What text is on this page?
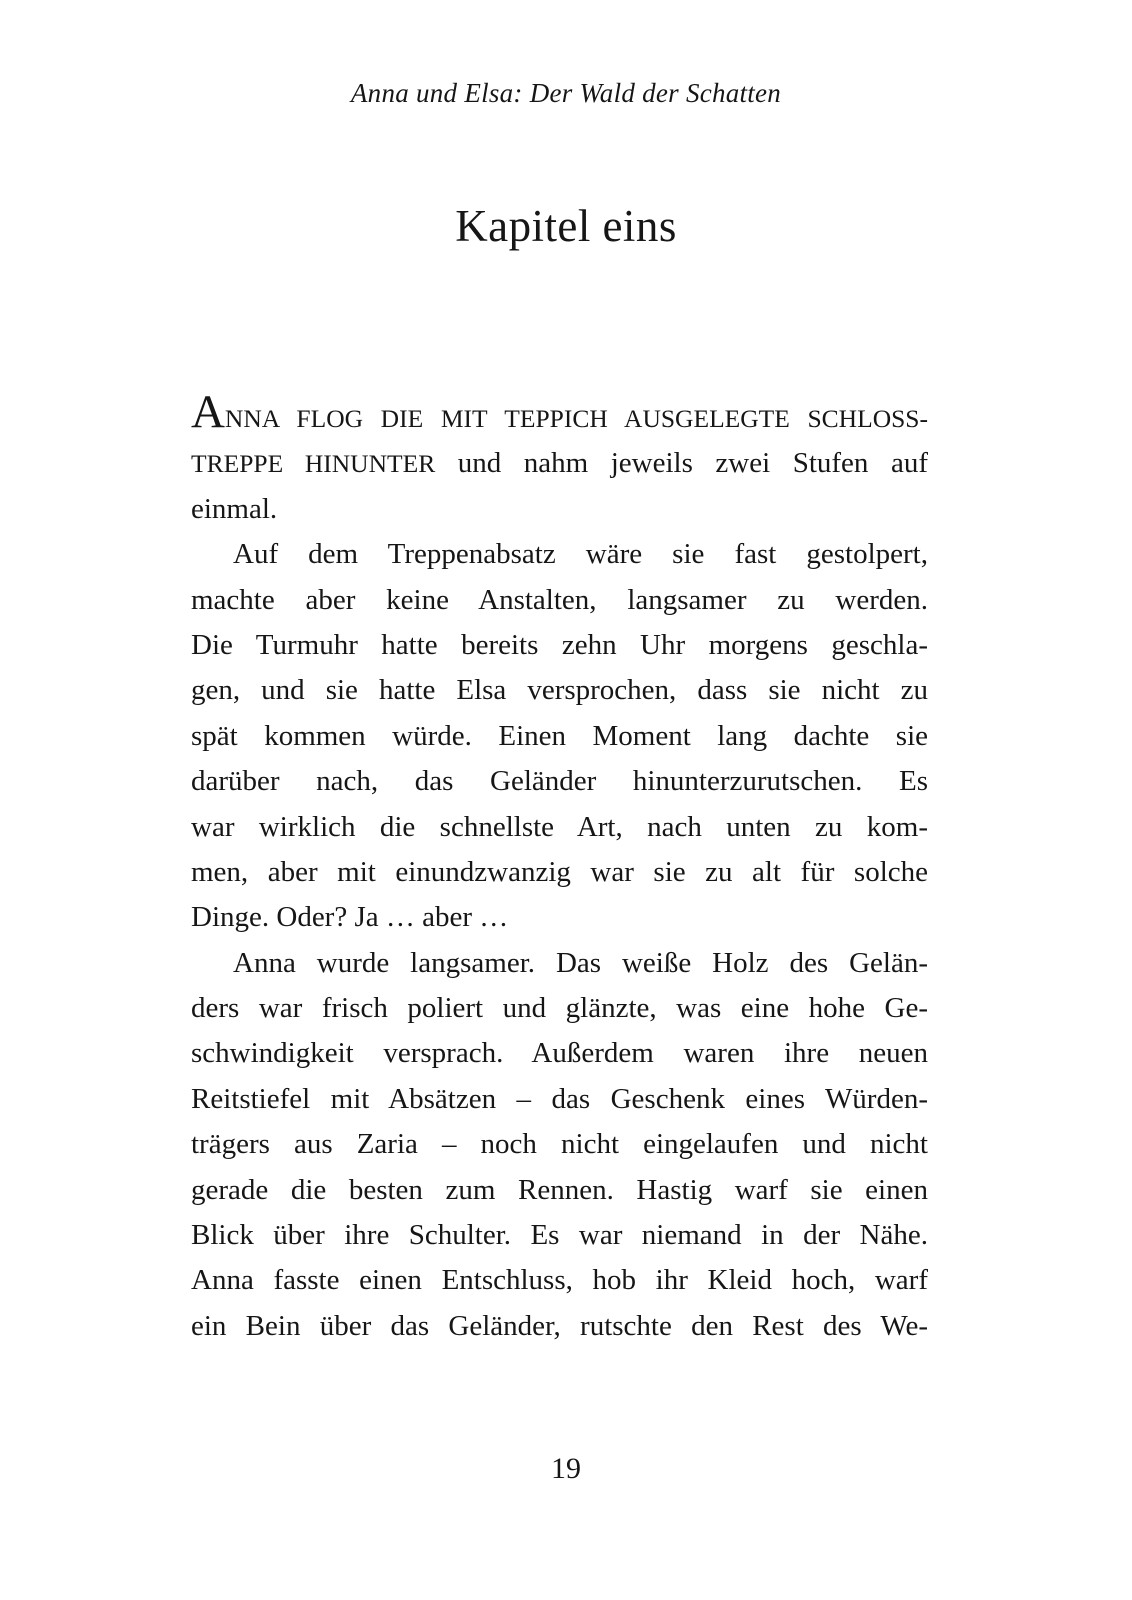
Anna und Elsa: Der Wald der Schatten
Kapitel eins
ANNA FLOG DIE MIT TEPPICH AUSGELEGTE SCHLOSS-
TREPPE HINUNTER und nahm jeweils zwei Stufen auf
einmal.
Auf dem Treppenabsatz wäre sie fast gestolpert,
machte aber keine Anstalten, langsamer zu werden.
Die Turmuhr hatte bereits zehn Uhr morgens geschla-
gen, und sie hatte Elsa versprochen, dass sie nicht zu
spät kommen würde. Einen Moment lang dachte sie
darüber nach, das Geländer hinunterzurutschen. Es
war wirklich die schnellste Art, nach unten zu kom-
men, aber mit einundzwanzig war sie zu alt für solche
Dinge. Oder? Ja … aber …
Anna wurde langsamer. Das weiße Holz des Gelän-
ders war frisch poliert und glänzte, was eine hohe Ge-
schwindigkeit versprach. Außerdem waren ihre neuen
Reitstiefel mit Absätzen – das Geschenk eines Würden-
trägers aus Zaria – noch nicht eingelaufen und nicht
gerade die besten zum Rennen. Hastig warf sie einen
Blick über ihre Schulter. Es war niemand in der Nähe.
Anna fasste einen Entschluss, hob ihr Kleid hoch, warf
ein Bein über das Geländer, rutschte den Rest des We-
19
